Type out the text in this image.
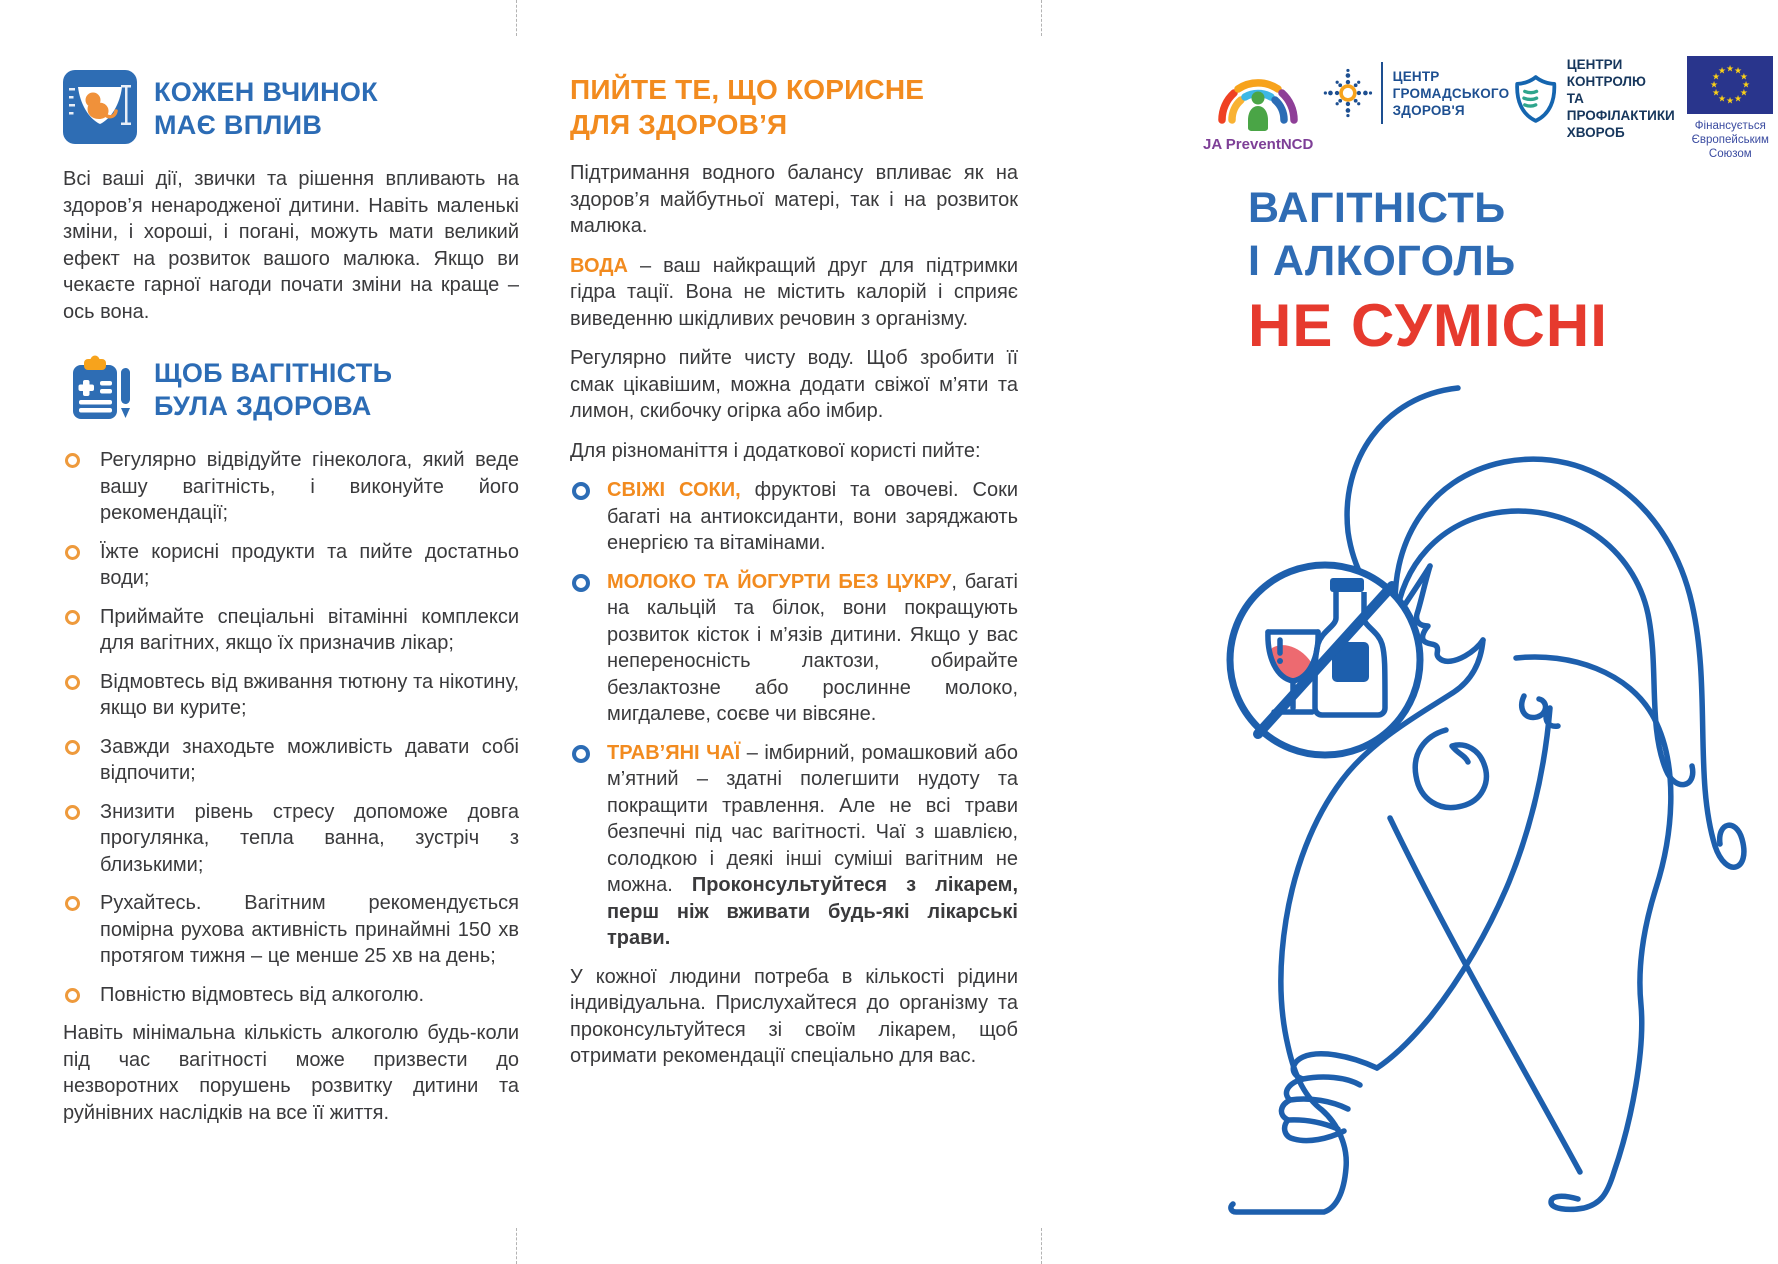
КОЖЕН ВЧИНОК
МАЄ ВПЛИВ

Всі ваші дії, звички та рішення впливають на здоров’я ненародженої дитини. Навіть маленькі зміни, і хороші, і погані, можуть мати великий ефект на розвиток вашого малюка. Якщо ви чекаєте гарної нагоди почати зміни на краще – ось вона.

ЩОБ ВАГІТНІСТЬ
БУЛА ЗДОРОВА
Регулярно відвідуйте гінеколога, який веде вашу вагітність, і виконуйте його рекомендації;
Їжте корисні продукти та пийте достатньо води;
Приймайте спеціальні вітамінні комплекси для вагітних, якщо їх призначив лікар;
Відмовтесь від вживання тютюну та нікотину, якщо ви курите;
Завжди знаходьте можливість давати собі відпочити;
Знизити рівень стресу допоможе довга прогулянка, тепла ванна, зустріч з близькими;
Рухайтесь. Вагітним рекомендується помірна рухова активність принаймні 150 хв протягом тижня – це менше 25 хв на день;
Повністю відмовтесь від алкоголю.

Навіть мінімальна кількість алкоголю будь-коли під час вагітності може призвести до незворотних порушень розвитку дитини та руйнівних наслідків на все її життя.

ПИЙТЕ ТЕ, ЩО КОРИСНЕ
ДЛЯ ЗДОРОВ’Я

Підтримання водного балансу впливає як на здоров’я майбутньої матері, так і на розвиток малюка.

ВОДА – ваш найкращий друг для підтримки гідра тації. Вона не містить калорій і сприяє виведенню шкідливих речовин з організму.

Регулярно пийте чисту воду. Щоб зробити її смак цікавішим, можна додати свіжої м’яти та лимон, скибочку огірка або імбир.

Для різноманіття і додаткової користі пийте:

СВІЖІ СОКИ, фруктові та овочеві. Соки багаті на антиоксиданти, вони заряджають енергією та вітамінами.
МОЛОКО ТА ЙОГУРТИ БЕЗ ЦУКРУ, багаті на кальцій та білок, вони покращують розвиток кісток і м’язів дитини. Якщо у вас непереносність лактози, обирайте безлактозне або рослинне молоко, мигдалеве, соєве чи вівсяне.
ТРАВ’ЯНІ ЧАЇ – імбирний, ромашковий або м’ятний – здатні полегшити нудоту та покращити травлення. Але не всі трави безпечні під час вагітності. Чаї з шавлією, солодкою і деякі інші суміші вагітним не можна. Проконсультуйтеся з лікарем, перш ніж вживати будь-які лікарські трави.

У кожної людини потреба в кількості рідини індивідуальна. Прислухайтеся до організму та проконсультуйтеся зі своїм лікарем, щоб отримати рекомендації спеціально для вас.

JA PreventNCD
ЦЕНТР
ГРОМАДСЬКОГО
ЗДОРОВ'Я
ЦЕНТРИ КОНТРОЛЮ
ТА ПРОФІЛАКТИКИ
ХВОРОБ
★ ★
★
★
★
★
★
★
★
★
★
★
Фінансується
Європейським Союзом
ВАГІТНІСТЬ
І АЛКОГОЛЬ
НЕ СУМІСНІ
